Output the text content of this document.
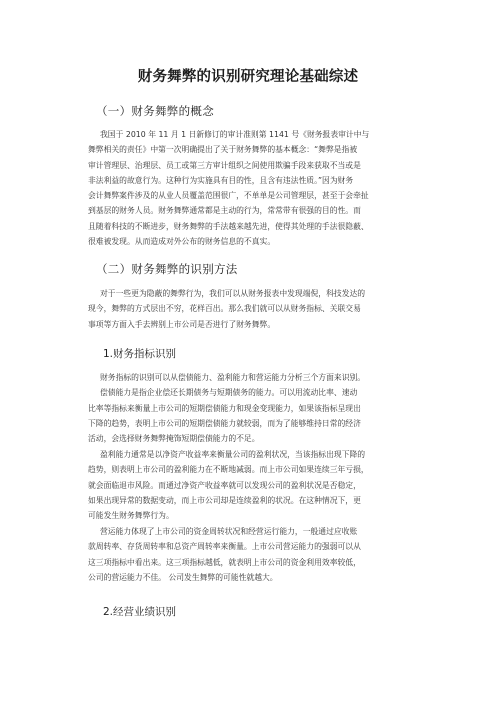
财务舞弊的识别研究理论基础综述
（一）财务舞弊的概念
我国于 2010 年 11 月 1 日新修订的审计准则第 1141 号《财务报表审计中与
舞弊相关的责任》中第一次明确提出了关于财务舞弊的基本概念：“舞弊是指被
审计管理层、治理层、员工或第三方审计组织之间使用欺骗手段来获取不当或是
非法利益的故意行为。这种行为实施具有目的性，且含有违法性质。”因为财务
会计舞弊案件涉及的从业人员覆盖范围很广，不单单是公司管理层，甚至于会牵扯
到基层的财务人员。财务舞弊通常都是主动的行为，常常带有很强的目的性。而
且随着科技的不断进步，财务舞弊的手法越来越先进，使得其处理的手法很隐蔽、
很难被发现。从而造成对外公布的财务信息的不真实。
（二）财务舞弊的识别方法
对于一些更为隐蔽的舞弊行为，我们可以从财务报表中发现端倪，科技发达的
现今，舞弊的方式层出不穷，花样百出。那么我们就可以从财务指标、关联交易
事项等方面入手去辨别上市公司是否进行了财务舞弊。
1.财务指标识别
财务指标的识别可以从偿债能力、盈利能力和营运能力分析三个方面来识别。
偿债能力是指企业偿还长期债务与短期债务的能力。可以用流动比率、速动
比率等指标来衡量上市公司的短期偿债能力和现金变现能力，如果该指标呈现出
下降的趋势，表明上市公司的短期偿债能力就较弱，而为了能够维持日常的经济
活动，会选择财务舞弊掩饰短期偿债能力的不足。
盈利能力通常是以净资产收益率来衡量公司的盈利状况，当该指标出现下降的
趋势，则表明上市公司的盈利能力在不断地减弱。而上市公司如果连续三年亏损，
就会面临退市风险。而通过净资产收益率就可以发现公司的盈利状况是否稳定，
如果出现异常的数据变动，而上市公司却是连续盈利的状况。在这种情况下，更
可能发生财务舞弊行为。
营运能力体现了上市公司的资金周转状况和经营运行能力，一般通过应收账
款周转率、存货周转率和总资产周转率来衡量。上市公司营运能力的强弱可以从
这三项指标中看出来。这三项指标越低，就表明上市公司的资金利用效率较低，
公司的营运能力不佳。 公司发生舞弊的可能性就越大。
2.经营业绩识别
